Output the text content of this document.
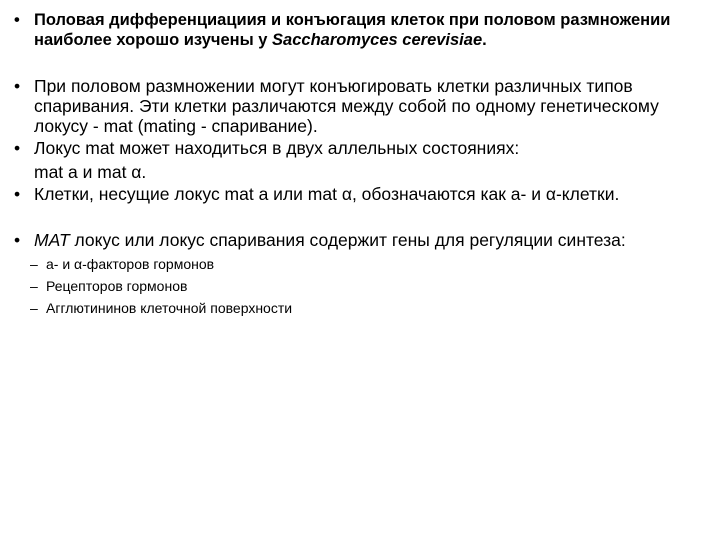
• Половая дифференциациия и конъюгация клеток при половом размножении наиболее хорошо изучены у Saccharomyces cerevisiae.
• При половом размножении могут конъюгировать клетки различных типов спаривания. Эти клетки различаются между собой по одному генетическому локусу - mat (mating - спаривание).
• Локус mat может находиться в двух аллельных состояниях:
mat a и mat α.
• Клетки, несущие локус mat a или mat α, обозначаются как a- и α-клетки.
• MAT локус или локус спаривания содержит гены для регуляции синтеза:
– a- и α-факторов гормонов
– Рецепторов гормонов
– Агглютининов клеточной поверхности
